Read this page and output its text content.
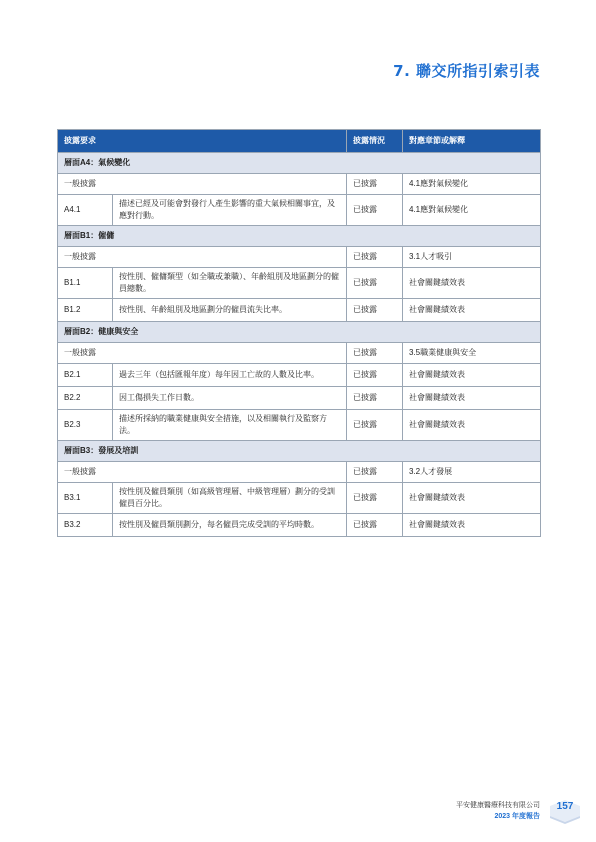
7. 聯交所指引索引表
披露要求		披露情況	對應章節或解釋
層面A4：氣候變化			
一般披露		已披露	4.1應對氣候變化
A4.1	描述已經及可能會對發行人產生影響的重大氣候相關事宜，及應對行動。	已披露	4.1應對氣候變化
層面B1：僱傭			
一般披露		已披露	3.1人才吸引
B1.1	按性別、僱傭類型（如全職或兼職）、年齡組別及地區劃分的僱員總數。	已披露	社會關鍵績效表
B1.2	按性別、年齡組別及地區劃分的僱員流失比率。	已披露	社會關鍵績效表
層面B2：健康與安全			
一般披露		已披露	3.5職業健康與安全
B2.1	過去三年（包括匯報年度）每年因工亡故的人數及比率。	已披露	社會關鍵績效表
B2.2	因工傷損失工作日數。	已披露	社會關鍵績效表
B2.3	描述所採納的職業健康與安全措施，以及相關執行及監察方法。	已披露	社會關鍵績效表
層面B3：發展及培訓			
一般披露		已披露	3.2人才發展
B3.1	按性別及僱員類別（如高級管理層、中級管理層）劃分的受訓僱員百分比。	已披露	社會關鍵績效表
B3.2	按性別及僱員類別劃分，每名僱員完成受訓的平均時數。	已披露	社會關鍵績效表
平安健康醫療科技有限公司
2023 年度報告
157
